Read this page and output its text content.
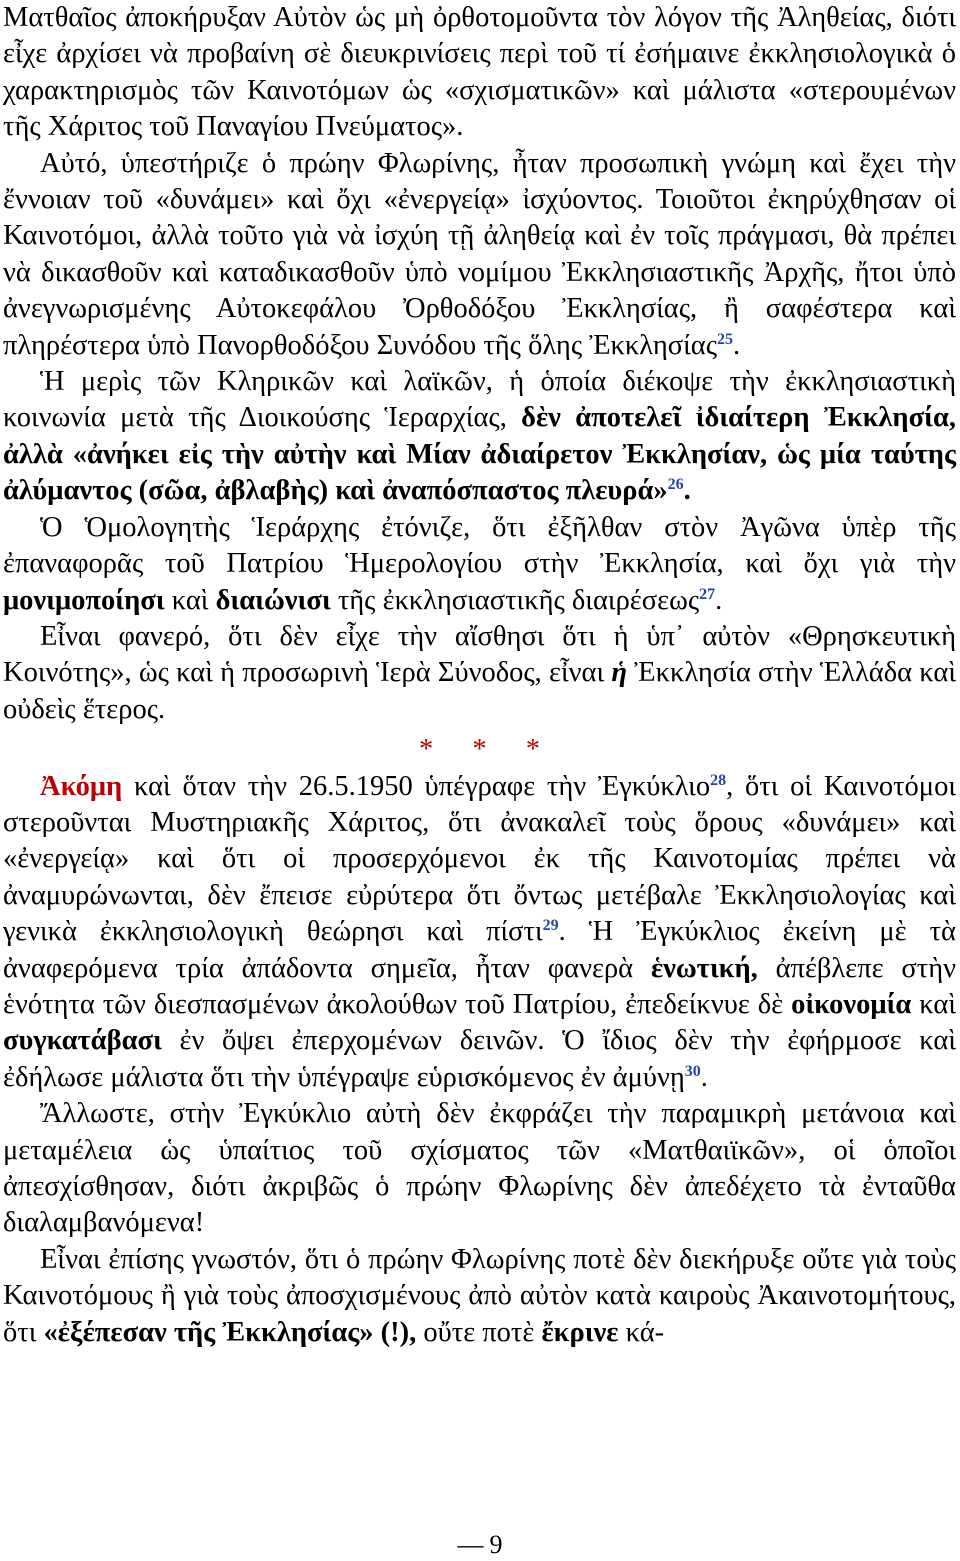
Ματθαῖος ἀποκήρυξαν Αὐτὸν ὡς μὴ ὀρθοτομοῦντα τὸν λόγον τῆς Ἀληθείας, διότι εἶχε ἀρχίσει νὰ προβαίνη σὲ διευκρινίσεις περὶ τοῦ τί ἐσήμαινε ἐκκλησιολογικὰ ὁ χαρακτηρισμὸς τῶν Καινοτόμων ὡς «σχισματικῶν» καὶ μάλιστα «στερουμένων τῆς Χάριτος τοῦ Παναγίου Πνεύματος».

Αὐτό, ὑπεστήριζε ὁ πρώην Φλωρίνης, ἦταν προσωπικὴ γνώμη καὶ ἔχει τὴν ἔννοιαν τοῦ «δυνάμει» καὶ ὄχι «ἐνεργείᾳ» ἰσχύοντος. Τοιοῦτοι ἐκηρύχθησαν οἱ Καινοτόμοι, ἀλλὰ τοῦτο γιὰ νὰ ἰσχύη τῇ ἀληθείᾳ καὶ ἐν τοῖς πράγμασι, θὰ πρέπει νὰ δικασθοῦν καὶ καταδικασθοῦν ὑπὸ νομίμου Ἐκκλησιαστικῆς Ἀρχῆς, ἤτοι ὑπὸ ἀνεγνωρισμένης Αὐτοκεφάλου Ὀρθοδόξου Ἐκκλησίας, ἢ σαφέστερα καὶ πληρέστερα ὑπὸ Πανορθοδόξου Συνόδου τῆς ὅλης Ἐκκλησίας$^{25}$.

Ἡ μερὶς τῶν Κληρικῶν καὶ λαϊκῶν, ἡ ὁποία διέκοψε τὴν ἐκκλησιαστικὴ κοινωνία μετὰ τῆς Διοικούσης Ἱεραρχίας, δὲν ἀποτελεῖ ἰδιαίτερη Ἐκκλησία, ἀλλὰ «ἀνήκει εἰς τὴν αὐτὴν καὶ Μίαν ἀδιαίρετον Ἐκκλησίαν, ὡς μία ταύτης ἀλύμαντος (σῶα, ἀβλαβὴς) καὶ ἀναπόσπαστος πλευρά»$^{26}$.

Ὁ Ὁμολογητὴς Ἱεράρχης ἐτόνιζε, ὅτι ἐξῆλθαν στὸν Ἀγῶνα ὑπὲρ τῆς ἐπαναφορᾶς τοῦ Πατρίου Ἡμερολογίου στὴν Ἐκκλησία, καὶ ὄχι γιὰ τὴν μονιμοποίησι καὶ διαιώνισι τῆς ἐκκλησιαστικῆς διαιρέσεως$^{27}$.

Εἶναι φανερό, ὅτι δὲν εἶχε τὴν αἴσθησι ὅτι ἡ ὑπ᾽ αὐτὸν «Θρησκευτικὴ Κοινότης», ὡς καὶ ἡ προσωρινὴ Ἱερὰ Σύνοδος, εἶναι ἡ Ἐκκλησία στὴν Ἑλλάδα καὶ οὐδεὶς ἕτερος.

* * *

Ἀκόμη καὶ ὅταν τὴν 26.5.1950 ὑπέγραφε τὴν Ἐγκύκλιο$^{28}$, ὅτι οἱ Καινοτόμοι στεροῦνται Μυστηριακῆς Χάριτος, ὅτι ἀνακαλεῖ τοὺς ὅρους «δυνάμει» καὶ «ἐνεργείᾳ» καὶ ὅτι οἱ προσερχόμενοι ἐκ τῆς Καινοτομίας πρέπει νὰ ἀναμυρώνωνται, δὲν ἔπεισε εὐρύτερα ὅτι ὄντως μετέβαλε Ἐκκλησιολογίας καὶ γενικὰ ἐκκλησιολογικὴ θεώρησι καὶ πίστι$^{29}$. Ἡ Ἐγκύκλιος ἐκείνη μὲ τὰ ἀναφερόμενα τρία ἀπάδοντα σημεῖα, ἦταν φανερὰ ἑνωτική, ἀπέβλεπε στὴν ἑνότητα τῶν διεσπασμένων ἀκολούθων τοῦ Πατρίου, ἐπεδείκνυε δὲ οἰκονομία καὶ συγκατάβασι ἐν ὄψει ἐπερχομένων δεινῶν. Ὁ ἴδιος δὲν τὴν ἐφήρμοσε καὶ ἐδήλωσε μάλιστα ὅτι τὴν ὑπέγραψε εὑρισκόμενος ἐν ἀμύνῃ$^{30}$.

Ἄλλωστε, στὴν Ἐγκύκλιο αὐτὴ δὲν ἐκφράζει τὴν παραμικρὴ μετάνοια καὶ μεταμέλεια ὡς ὑπαίτιος τοῦ σχίσματος τῶν «Ματθαιϊκῶν», οἱ ὁποῖοι ἀπεσχίσθησαν, διότι ἀκριβῶς ὁ πρώην Φλωρίνης δὲν ἀπεδέχετο τὰ ἐνταῦθα διαλαμβανόμενα!

Εἶναι ἐπίσης γνωστόν, ὅτι ὁ πρώην Φλωρίνης ποτὲ δὲν διεκήρυξε οὔτε γιὰ τοὺς Καινοτόμους ἢ γιὰ τοὺς ἀποσχισμένους ἀπὸ αὐτὸν κατὰ καιροὺς Ἀκαινοτομήτους, ὅτι «ἐξέπεσαν τῆς Ἐκκλησίας» (!), οὔτε ποτὲ ἔκρινε κά-

— 9
